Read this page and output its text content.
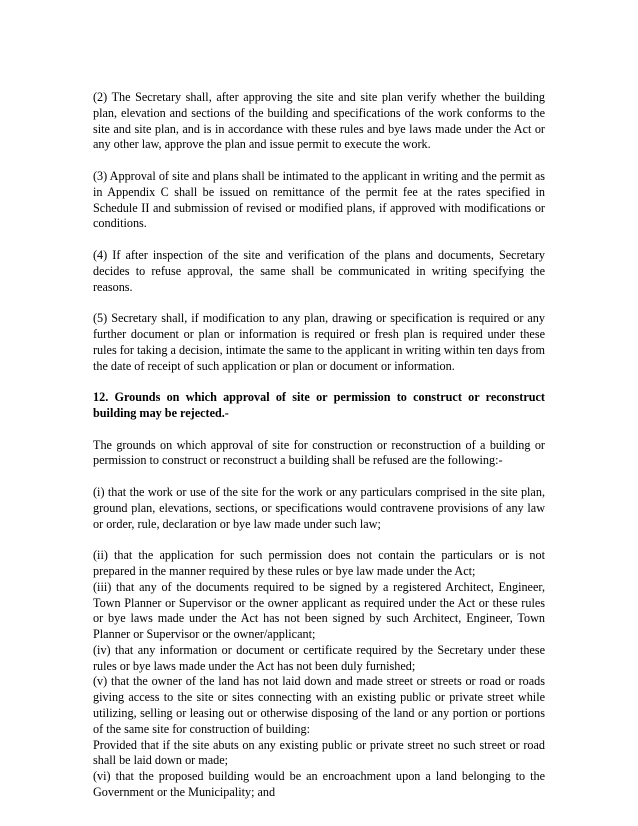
(2) The Secretary shall, after approving the site and site plan verify whether the building plan, elevation and sections of the building and specifications of the work conforms to the site and site plan, and is in accordance with these rules and bye laws made under the Act or any other law, approve the plan and issue permit to execute the work.

(3) Approval of site and plans shall be intimated to the applicant in writing and the permit as in Appendix C shall be issued on remittance of the permit fee at the rates specified in Schedule II and submission of revised or modified plans, if approved with modifications or conditions.

(4) If after inspection of the site and verification of the plans and documents, Secretary decides to refuse approval, the same shall be communicated in writing specifying the reasons.

(5) Secretary shall, if modification to any plan, drawing or specification is required or any further document or plan or information is required or fresh plan is required under these rules for taking a decision, intimate the same to the applicant in writing within ten days from the date of receipt of such application or plan or document or information.

12. Grounds on which approval of site or permission to construct or reconstruct building may be rejected.-

The grounds on which approval of site for construction or reconstruction of a building or permission to construct or reconstruct a building shall be refused are the following:-

(i) that the work or use of the site for the work or any particulars comprised in the site plan, ground plan, elevations, sections, or specifications would contravene provisions of any law or order, rule, declaration or bye law made under such law;

(ii) that the application for such permission does not contain the particulars or is not prepared in the manner required by these rules or bye law made under the Act;

(iii) that any of the documents required to be signed by a registered Architect, Engineer, Town Planner or Supervisor or the owner applicant as required under the Act or these rules or bye laws made under the Act has not been signed by such Architect, Engineer, Town Planner or Supervisor or the owner/applicant;

(iv) that any information or document or certificate required by the Secretary under these rules or bye laws made under the Act has not been duly furnished;

(v) that the owner of the land has not laid down and made street or streets or road or roads giving access to the site or sites connecting with an existing public or private street while utilizing, selling or leasing out or otherwise disposing of the land or any portion or portions of the same site for construction of building:

Provided that if the site abuts on any existing public or private street no such street or road shall be laid down or made;

(vi) that the proposed building would be an encroachment upon a land belonging to the Government or the Municipality; and
